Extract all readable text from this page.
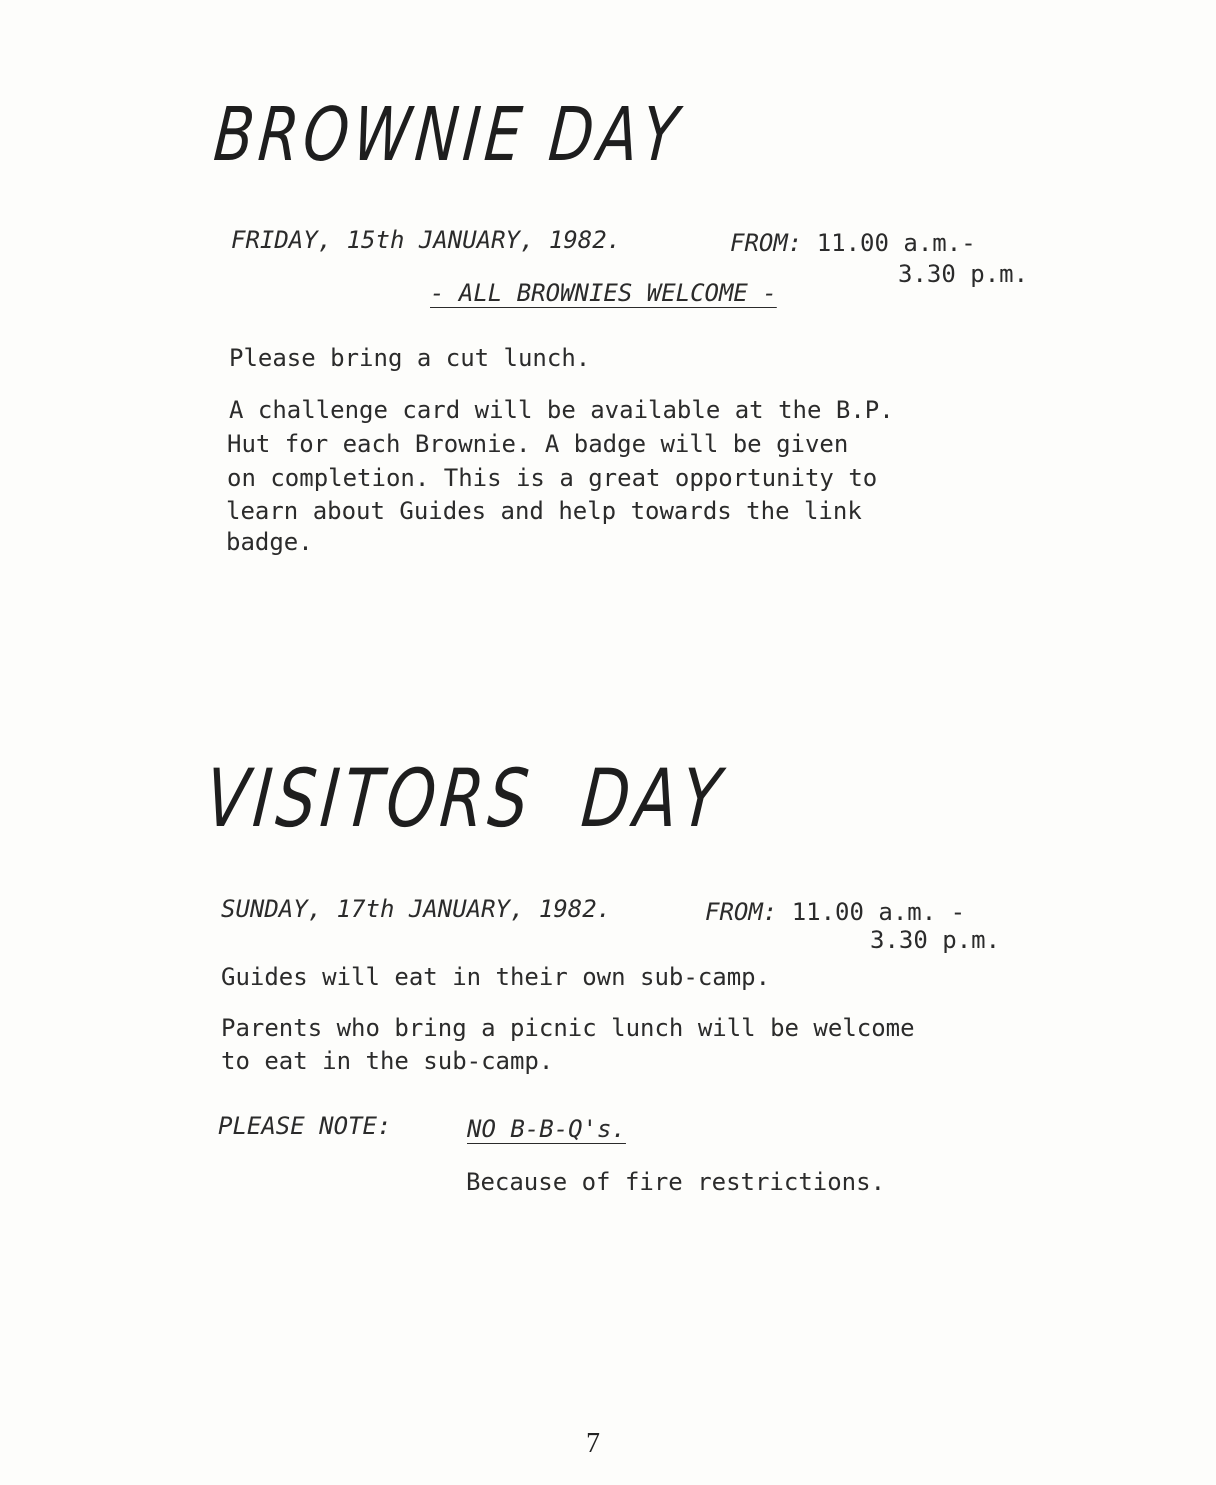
BROWNIE DAY

FRIDAY, 15th JANUARY, 1982.	FROM: 11.00 a.m.-

3.30 p.m.

- ALL BROWNIES WELCOME -

Please bring a cut lunch.

A challenge card will be available at the B.P.

Hut for each Brownie. A badge will be given

on completion. This is a great opportunity to

learn about Guides and help towards the link

badge.

VISITORS  DAY

SUNDAY, 17th JANUARY, 1982.	FROM: 11.00 a.m. -

3.30 p.m.

Guides will eat in their own sub-camp.

Parents who bring a picnic lunch will be welcome

to eat in the sub-camp.

PLEASE NOTE:	NO B-B-Q's.

Because of fire restrictions.

7
